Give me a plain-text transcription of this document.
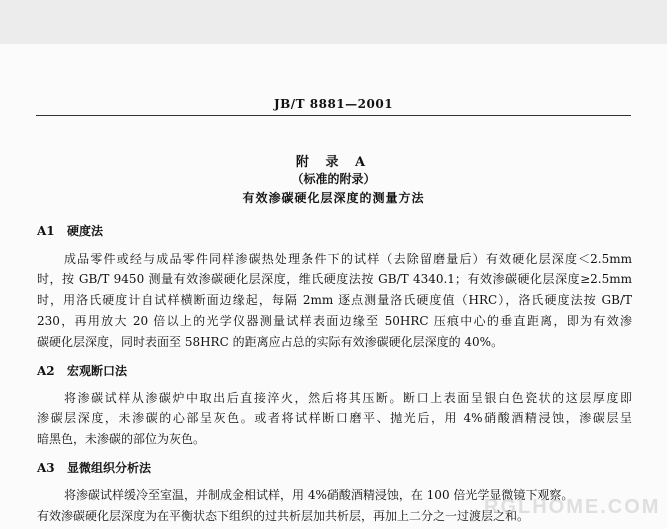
JB/T 8881—2001
附 录 A
（标准的附录）
有效渗碳硬化层深度的测量方法
A1 硬度法
成品零件或经与成品零件同样渗碳热处理条件下的试样（去除留磨量后）有效硬化层深度＜2.5mm
时，按 GB/T 9450 测量有效渗碳硬化层深度，维氏硬度法按 GB/T 4340.1；有效渗碳硬化层深度≥2.5mm
时，用洛氏硬度计自试样横断面边缘起，每隔 2mm 逐点测量洛氏硬度值（HRC），洛氏硬度法按 GB/T
230，再用放大 20 倍以上的光学仪器测量试样表面边缘至 50HRC 压痕中心的垂直距离，即为有效渗
碳硬化层深度，同时表面至 58HRC 的距离应占总的实际有效渗碳硬化层深度的 40%。
A2 宏观断口法
将渗碳试样从渗碳炉中取出后直接淬火，然后将其压断。断口上表面呈银白色瓷状的这层厚度即
渗碳层深度，未渗碳的心部呈灰色。或者将试样断口磨平、抛光后，用 4%硝酸酒精浸蚀，渗碳层呈
暗黑色，未渗碳的部位为灰色。
A3 显微组织分析法
将渗碳试样缓冷至室温，并制成金相试样，用 4%硝酸酒精浸蚀，在 100 倍光学显微镜下观察。
有效渗碳硬化层深度为在平衡状态下组织的过共析层加共析层，再加上二分之一过渡层之和。
RGLHOME.COM
